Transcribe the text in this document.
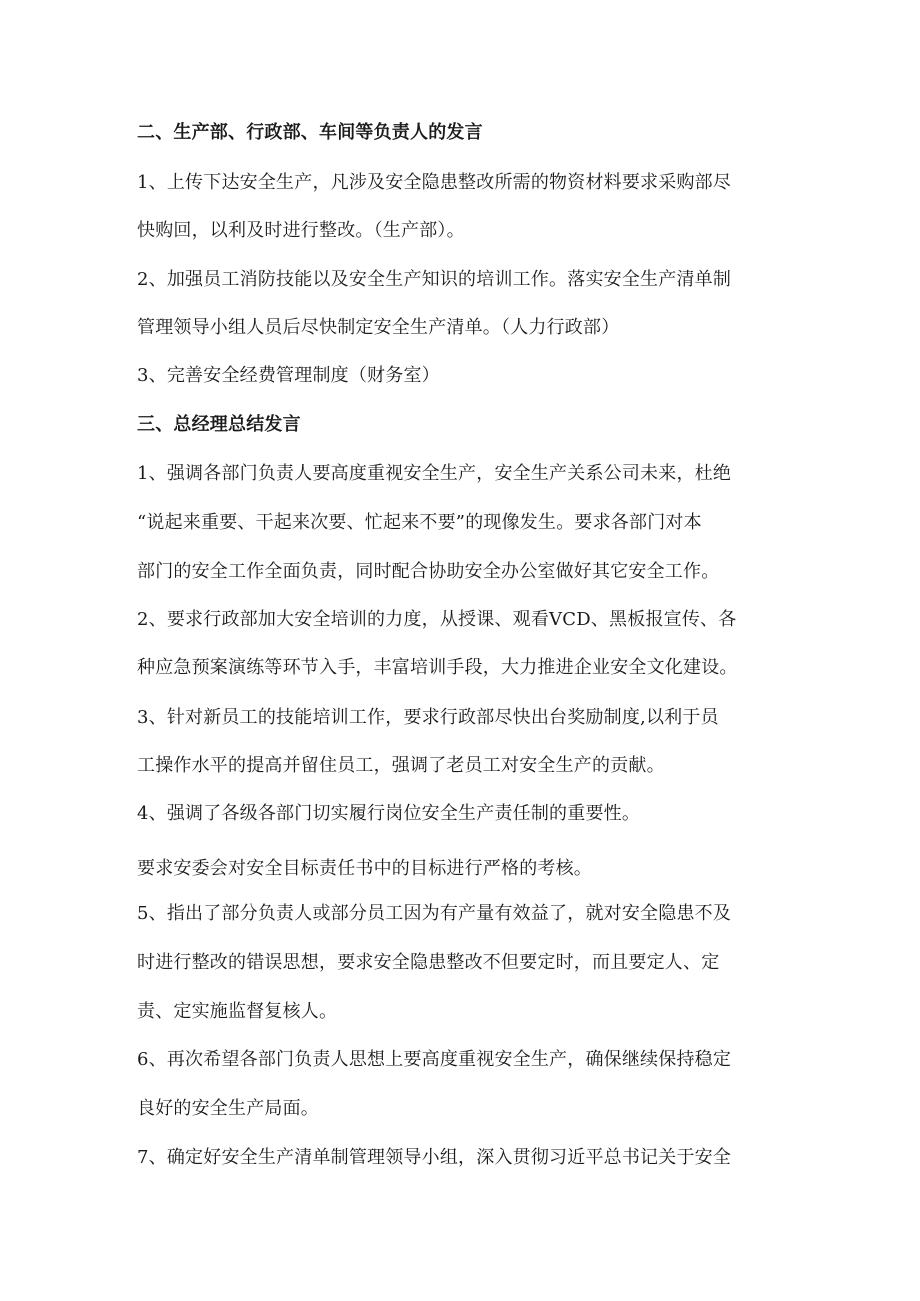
二、生产部、行政部、车间等负责人的发言
1、上传下达安全生产，凡涉及安全隐患整改所需的物资材料要求采购部尽
快购回，以利及时进行整改。（生产部）。
2、加强员工消防技能以及安全生产知识的培训工作。落实安全生产清单制
管理领导小组人员后尽快制定安全生产清单。（人力行政部）
3、完善安全经费管理制度（财务室）
三、总经理总结发言
1、强调各部门负责人要高度重视安全生产，安全生产关系公司未来，杜绝
“说起来重要、干起来次要、忙起来不要”的现像发生。要求各部门对本
部门的安全工作全面负责，同时配合协助安全办公室做好其它安全工作。
2、要求行政部加大安全培训的力度，从授课、观看VCD、黑板报宣传、各
种应急预案演练等环节入手，丰富培训手段，大力推进企业安全文化建设。
3、针对新员工的技能培训工作，要求行政部尽快出台奖励制度,以利于员
工操作水平的提高并留住员工，强调了老员工对安全生产的贡献。
4、强调了各级各部门切实履行岗位安全生产责任制的重要性。
要求安委会对安全目标责任书中的目标进行严格的考核。
5、指出了部分负责人或部分员工因为有产量有效益了，就对安全隐患不及
时进行整改的错误思想，要求安全隐患整改不但要定时，而且要定人、定
责、定实施监督复核人。
6、再次希望各部门负责人思想上要高度重视安全生产，确保继续保持稳定
良好的安全生产局面。
7、确定好安全生产清单制管理领导小组，深入贯彻习近平总书记关于安全
